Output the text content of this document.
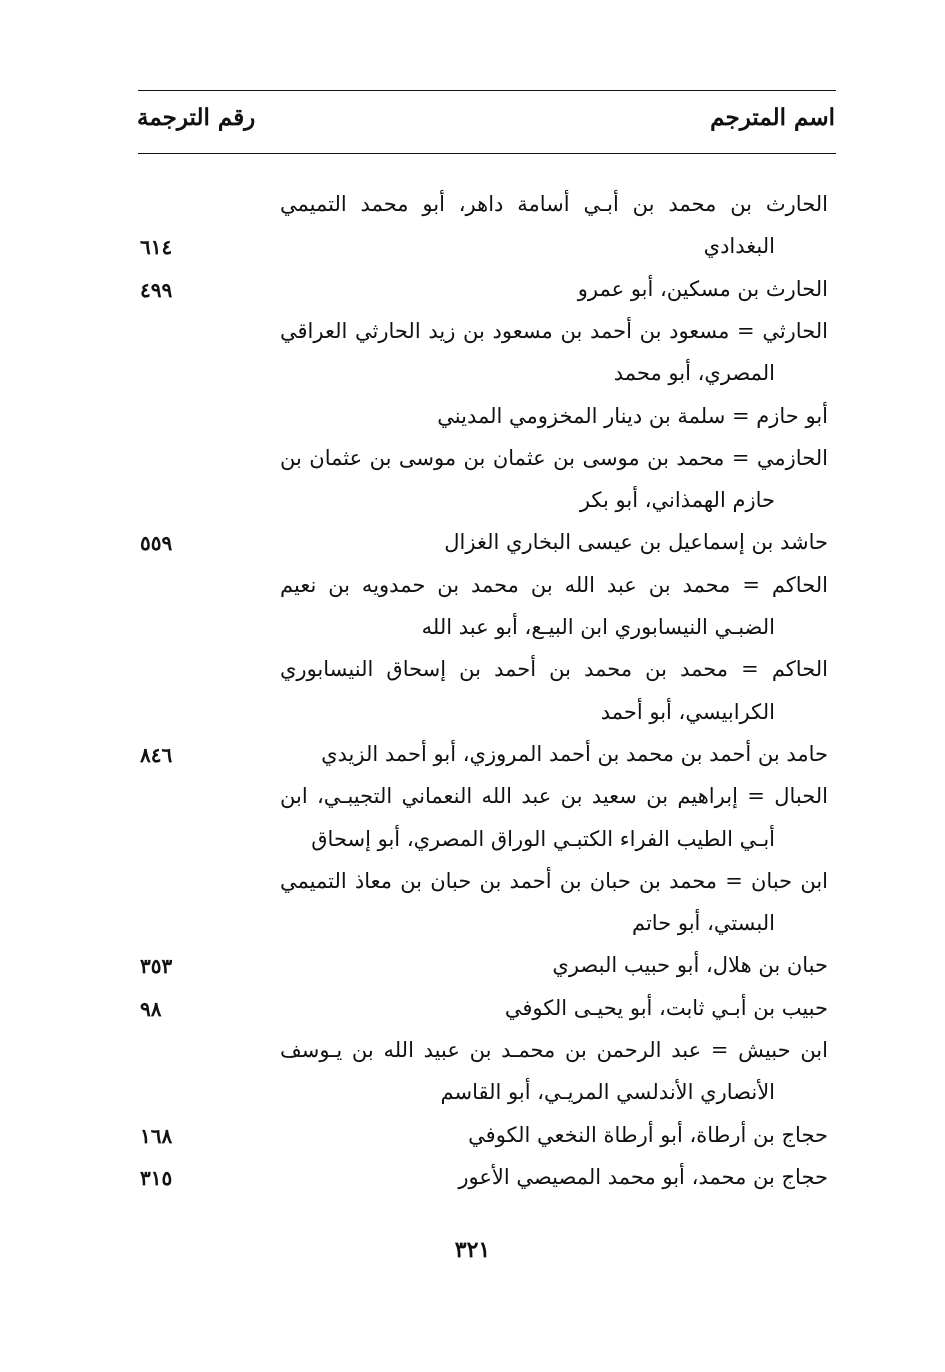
اسم المترجم
رقم الترجمة
الحارث بن محمد بن أبـي أسامة داهر، أبو محمد التميمي
البغدادي
٦١٤
الحارث بن مسكين، أبو عمرو
٤٩٩
الحارثي = مسعود بن أحمد بن مسعود بن زيد الحارثي العراقي
المصري، أبو محمد
أبو حازم = سلمة بن دينار المخزومي المديني
الحازمي = محمد بن موسى بن عثمان بن موسى بن عثمان بن
حازم الهمذاني، أبو بكر
حاشد بن إسماعيل بن عيسى البخاري الغزال
٥٥٩
الحاكم = محمد بن عبد الله بن محمد بن حمدويه بن نعيم
الضبـي النيسابوري ابن البيـع، أبو عبد الله
الحاكم = محمد بن محمد بن أحمد بن إسحاق النيسابوري
الكرابيسي، أبو أحمد
حامد بن أحمد بن محمد بن أحمد المروزي، أبو أحمد الزيدي
٨٤٦
الحبال = إبراهيم بن سعيد بن عبد الله النعماني التجيبـي، ابن
أبـي الطيب الفراء الكتبـي الوراق المصري، أبو إسحاق
ابن حبان = محمد بن حبان بن أحمد بن حبان بن معاذ التميمي
البستي، أبو حاتم
حبان بن هلال، أبو حبيب البصري
٣٥٣
حبيب بن أبـي ثابت، أبو يحيـى الكوفي
٩٨
ابن حبيش = عبد الرحمن بن محمـد بن عبيد الله بن يـوسف
الأنصاري الأندلسي المريـي، أبو القاسم
حجاج بن أرطاة، أبو أرطاة النخعي الكوفي
١٦٨
حجاج بن محمد، أبو محمد المصيصي الأعور
٣١٥
٣٢١
